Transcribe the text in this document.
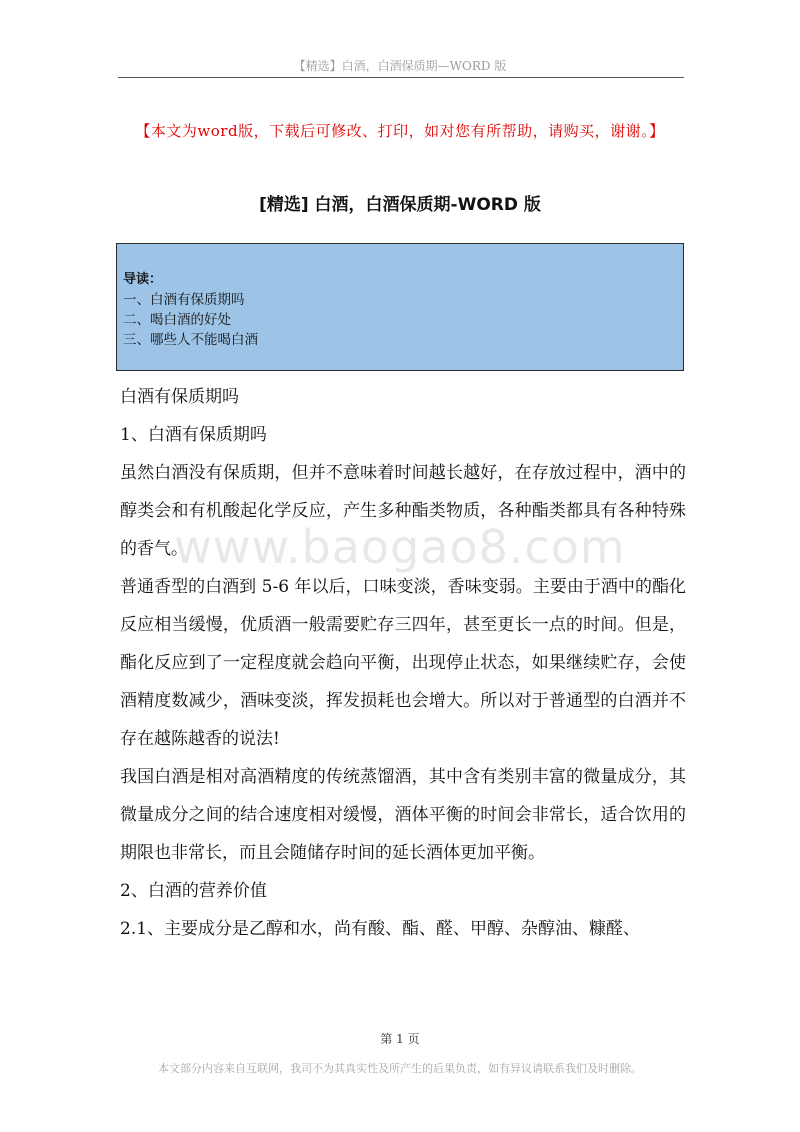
【精选】白酒，白酒保质期—WORD 版
【本文为word版，下载后可修改、打印，如对您有所帮助，请购买，谢谢。】
[精选] 白酒，白酒保质期-WORD 版
导读：
一、白酒有保质期吗
二、喝白酒的好处
三、哪些人不能喝白酒

白酒有保质期吗

1、白酒有保质期吗

虽然白酒没有保质期，但并不意味着时间越长越好，在存放过程中，酒中的醇类会和有机酸起化学反应，产生多种酯类物质，各种酯类都具有各种特殊的香气。

普通香型的白酒到 5-6 年以后，口味变淡，香味变弱。主要由于酒中的酯化反应相当缓慢，优质酒一般需要贮存三四年，甚至更长一点的时间。但是，酯化反应到了一定程度就会趋向平衡，出现停止状态，如果继续贮存，会使酒精度数减少，酒味变淡，挥发损耗也会增大。所以对于普通型的白酒并不存在越陈越香的说法!

我国白酒是相对高酒精度的传统蒸馏酒，其中含有类别丰富的微量成分，其微量成分之间的结合速度相对缓慢，酒体平衡的时间会非常长，适合饮用的期限也非常长，而且会随储存时间的延长酒体更加平衡。

2、白酒的营养价值

2.1、主要成分是乙醇和水，尚有酸、酯、醛、甲醇、杂醇油、糠醛、

www.baogao8.com
第 1 页
本文部分内容来自互联网，我司不为其真实性及所产生的后果负责，如有异议请联系我们及时删除。
